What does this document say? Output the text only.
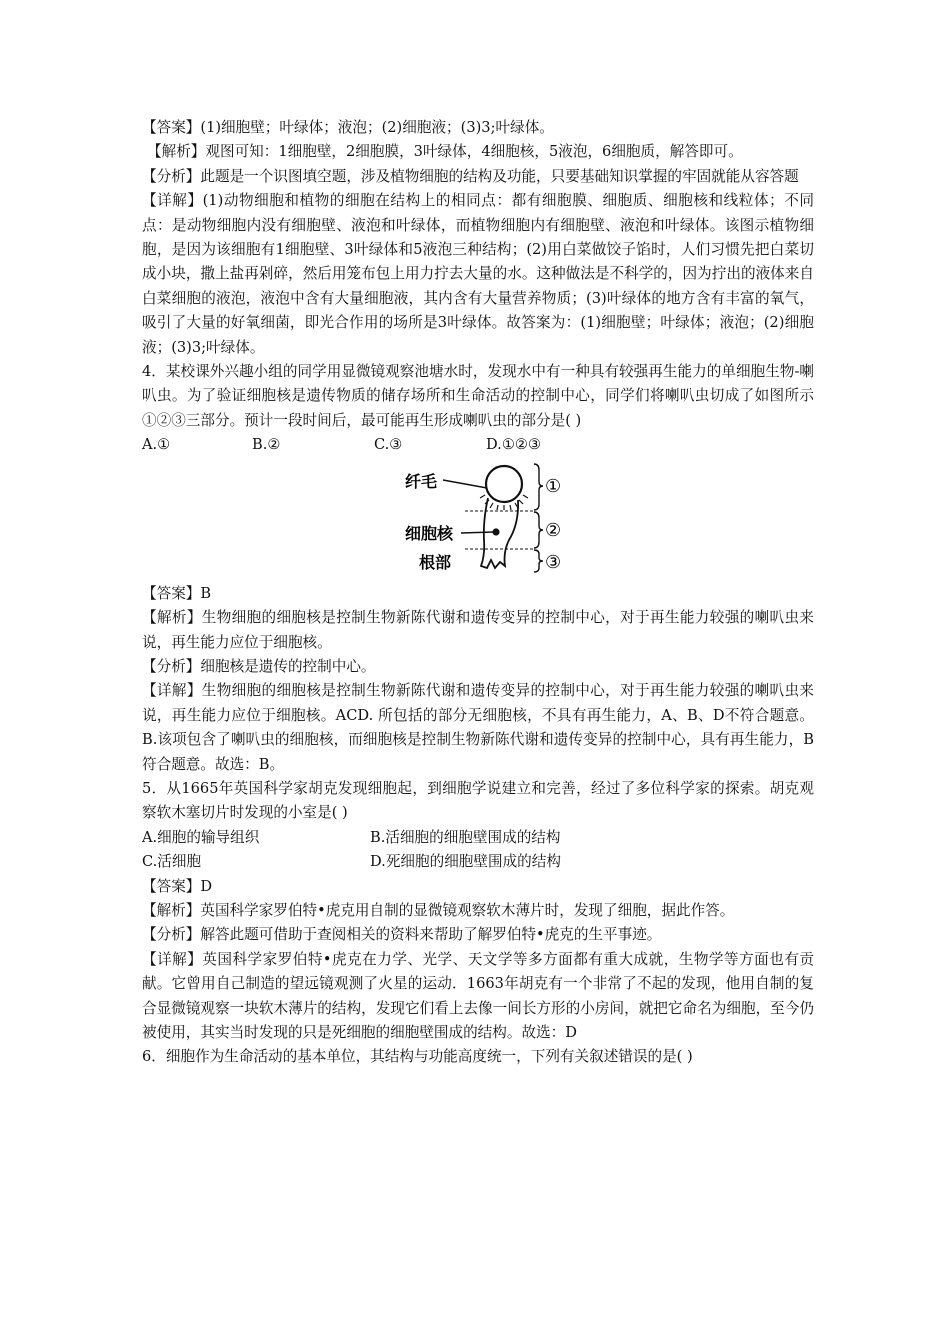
【答案】(1)细胞壁；叶绿体；液泡；(2)细胞液；(3)3;叶绿体。

【解析】观图可知：1细胞壁，2细胞膜，3叶绿体，4细胞核，5液泡，6细胞质，解答即可。

【分析】此题是一个识图填空题，涉及植物细胞的结构及功能，只要基础知识掌握的牢固就能从容答题

【详解】(1)动物细胞和植物的细胞在结构上的相同点：都有细胞膜、细胞质、细胞核和线粒体；不同点：是动物细胞内没有细胞壁、液泡和叶绿体，而植物细胞内有细胞壁、液泡和叶绿体。该图示植物细胞，是因为该细胞有1细胞壁、3叶绿体和5液泡三种结构；(2)用白菜做饺子馅时，人们习惯先把白菜切成小块，撒上盐再剁碎，然后用笼布包上用力拧去大量的水。这种做法是不科学的，因为拧出的液体来自白菜细胞的液泡，液泡中含有大量细胞液，其内含有大量营养物质；(3)叶绿体的地方含有丰富的氧气，吸引了大量的好氧细菌，即光合作用的场所是3叶绿体。故答案为：(1)细胞壁；叶绿体；液泡；(2)细胞液；(3)3;叶绿体。

4．某校课外兴趣小组的同学用显微镜观察池塘水时，发现水中有一种具有较强再生能力的单细胞生物-喇叭虫。为了验证细胞核是遗传物质的储存场所和生命活动的控制中心，同学们将喇叭虫切成了如图所示①②③三部分。预计一段时间后，最可能再生形成喇叭虫的部分是( )

A.①	B.②	C.③	D.①②③
纤毛
细胞核
根部
①
②
③

【答案】B

【解析】生物细胞的细胞核是控制生物新陈代谢和遗传变异的控制中心，对于再生能力较强的喇叭虫来说，再生能力应位于细胞核。

【分析】细胞核是遗传的控制中心。

【详解】生物细胞的细胞核是控制生物新陈代谢和遗传变异的控制中心，对于再生能力较强的喇叭虫来说，再生能力应位于细胞核。ACD. 所包括的部分无细胞核，不具有再生能力，A、B、D不符合题意。B.该项包含了喇叭虫的细胞核，而细胞核是控制生物新陈代谢和遗传变异的控制中心，具有再生能力，B符合题意。故选：B。

5．从1665年英国科学家胡克发现细胞起，到细胞学说建立和完善，经过了多位科学家的探索。胡克观察软木塞切片时发现的小室是( )

A.细胞的输导组织	B.活细胞的细胞壁围成的结构
C.活细胞	D.死细胞的细胞壁围成的结构

【答案】D

【解析】英国科学家罗伯特•虎克用自制的显微镜观察软木薄片时，发现了细胞，据此作答。

【分析】解答此题可借助于查阅相关的资料来帮助了解罗伯特•虎克的生平事迹。

【详解】英国科学家罗伯特•虎克在力学、光学、天文学等多方面都有重大成就，生物学等方面也有贡献。它曾用自己制造的望远镜观测了火星的运动．1663年胡克有一个非常了不起的发现，他用自制的复合显微镜观察一块软木薄片的结构，发现它们看上去像一间长方形的小房间，就把它命名为细胞，至今仍被使用，其实当时发现的只是死细胞的细胞壁围成的结构。故选：D

6．细胞作为生命活动的基本单位，其结构与功能高度统一，下列有关叙述错误的是( )
